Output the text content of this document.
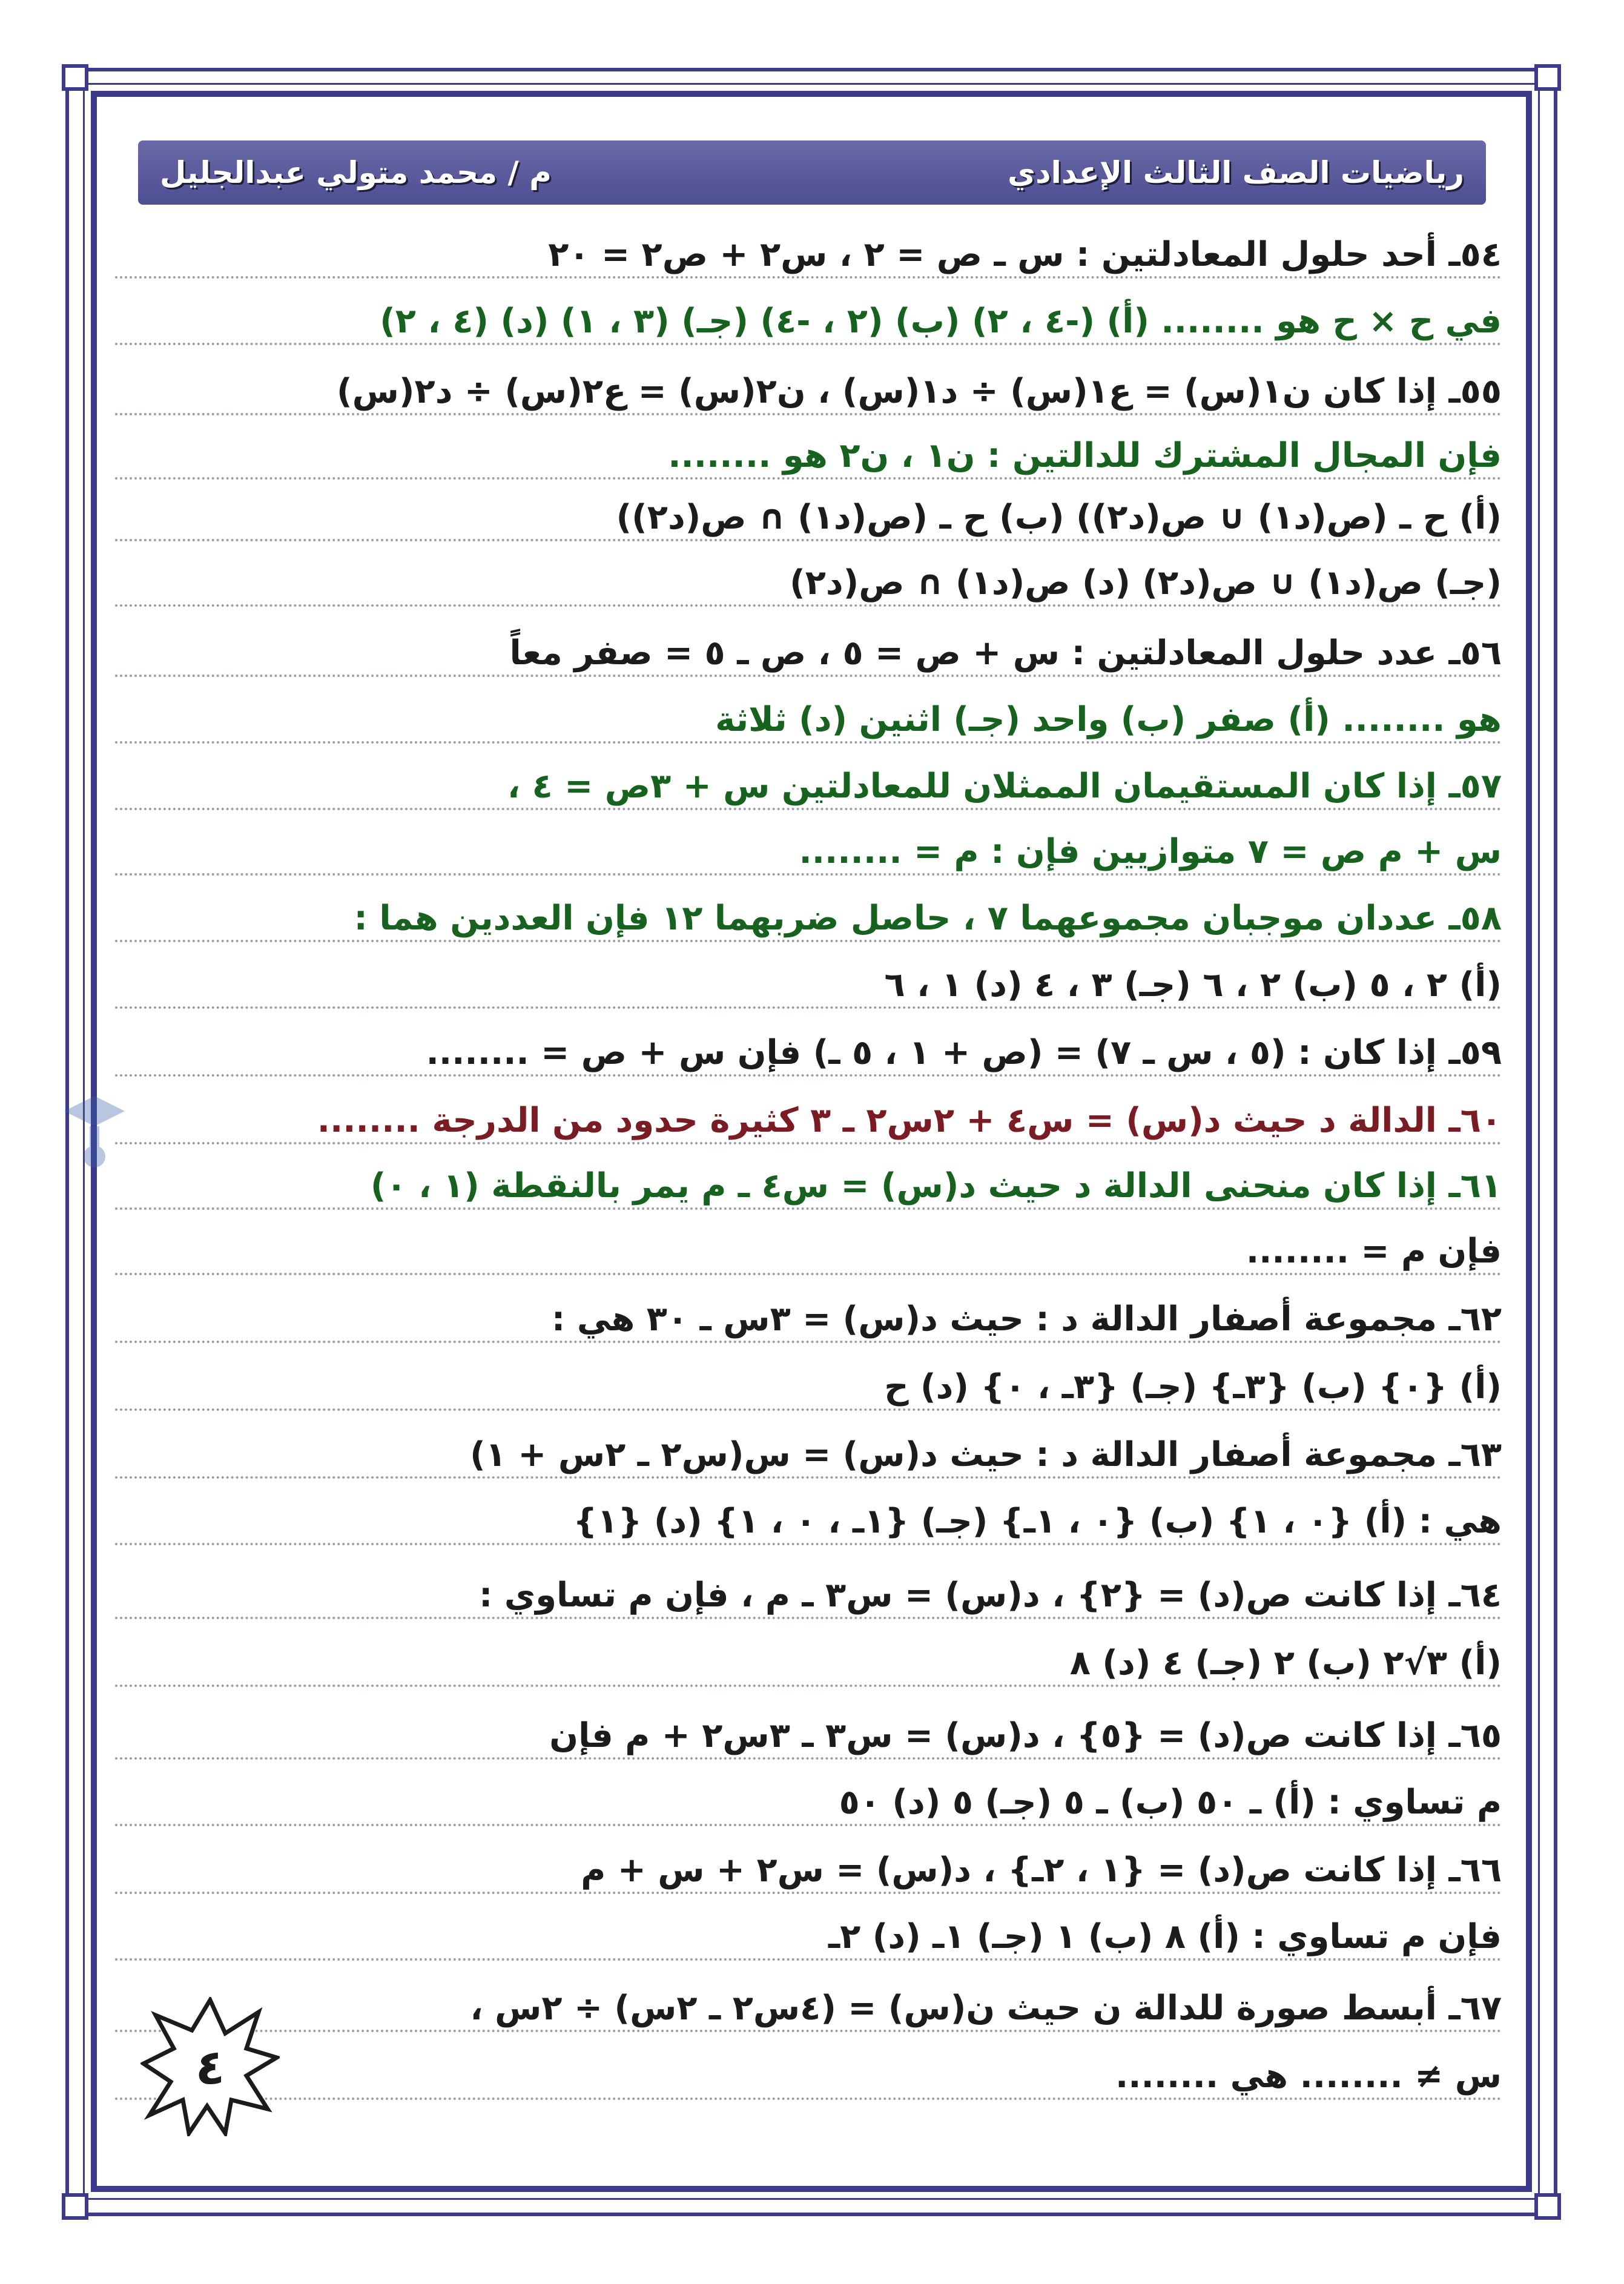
رياضيات الصف الثالث الإعدادي
م / محمد متولي عبدالجليل
٥٤ـ أحد حلول المعادلتين : س ـ ص = ٢ ، س٢ + ص٢ = ٢٠
في ح × ح هو ........ (أ) (-٤ ، ٢) (ب) (٢ ، -٤) (جـ) (٣ ، ١) (د) (٤ ، ٢)
٥٥ـ إذا كان ن١(س) = ع١(س) ÷ د١(س) ، ن٢(س) = ع٢(س) ÷ د٢(س)
فإن المجال المشترك للدالتين : ن١ ، ن٢ هو ........
(أ) ح ـ (ص(د١) ∪ ص(د٢)) (ب) ح ـ (ص(د١) ∩ ص(د٢))
(جـ) ص(د١) ∪ ص(د٢) (د) ص(د١) ∩ ص(د٢)
٥٦ـ عدد حلول المعادلتين : س + ص = ٥ ، ص ـ ٥ = صفر معاً
هو ........ (أ) صفر (ب) واحد (جـ) اثنين (د) ثلاثة
٥٧ـ إذا كان المستقيمان الممثلان للمعادلتين س + ٣ص = ٤ ،
س + م ص = ٧ متوازيين فإن : م = ........
٥٨ـ عددان موجبان مجموعهما ٧ ، حاصل ضربهما ١٢ فإن العددين هما :
(أ) ٢ ، ٥ (ب) ٢ ، ٦ (جـ) ٣ ، ٤ (د) ١ ، ٦
٥٩ـ إذا كان : (٥ ، س ـ ٧) = (ص + ١ ، ٥ ـ) فإن س + ص = ........
٦٠ـ الدالة د حيث د(س) = س٤ + ٢س٢ ـ ٣ كثيرة حدود من الدرجة ........
٦١ـ إذا كان منحنى الدالة د حيث د(س) = س٤ ـ م يمر بالنقطة (١ ، ٠)
فإن م = ........
٦٢ـ مجموعة أصفار الدالة د : حيث د(س) = ٣س ـ ٣٠ هي :
(أ) {٠} (ب) {٣ـ} (جـ) {٣ـ ، ٠} (د) ح
٦٣ـ مجموعة أصفار الدالة د : حيث د(س) = س(س٢ ـ ٢س + ١)
هي : (أ) {٠ ، ١} (ب) {٠ ، ١ـ} (جـ) {١ـ ، ٠ ، ١} (د) {١}
٦٤ـ إذا كانت ص(د) = {٢} ، د(س) = س٣ ـ م ، فإن م تساوي :
(أ) ٣√٢ (ب) ٢ (جـ) ٤ (د) ٨
٦٥ـ إذا كانت ص(د) = {٥} ، د(س) = س٣ ـ ٣س٢ + م فإن
م تساوي : (أ) ـ ٥٠ (ب) ـ ٥ (جـ) ٥ (د) ٥٠
٦٦ـ إذا كانت ص(د) = {١ ، ٢ـ} ، د(س) = س٢ + س + م
فإن م تساوي : (أ) ٨ (ب) ١ (جـ) ١ـ (د) ٢ـ
٦٧ـ أبسط صورة للدالة ن حيث ن(س) = (٤س٢ ـ ٢س) ÷ ٢س ،
س ≠ ........ هي ........
٤
